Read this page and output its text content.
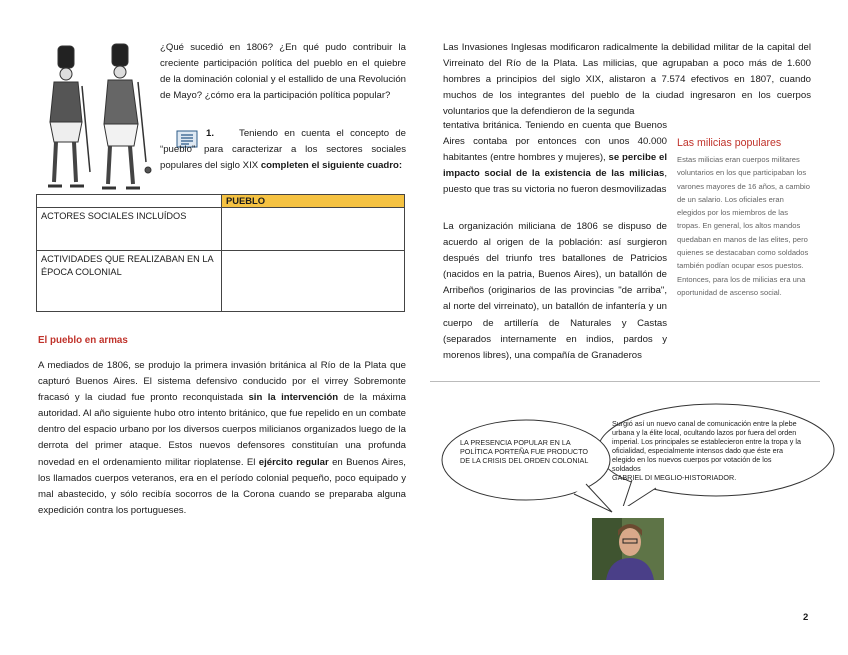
¿Qué sucedió en 1806? ¿En qué pudo contribuir la creciente participación política del pueblo en el quiebre de la dominación colonial y el estallido de una Revolución de Mayo? ¿cómo era la participación política popular?

1.	Teniendo en cuenta el concepto de “pueblo” para caracterizar a los sectores sociales populares del siglo XIX completen el siguiente cuadro:

	PUEBLO
ACTORES SOCIALES INCLUÍDOS	
ACTIVIDADES QUE REALIZABAN EN LA ÉPOCA COLONIAL	
El pueblo en armas

A mediados de 1806, se produjo la primera invasión británica al Río de la Plata que capturó Buenos Aires. El sistema defensivo conducido por el virrey Sobremonte fracasó y la ciudad fue pronto reconquistada sin la intervención de la máxima autoridad. Al año siguiente hubo otro intento británico, que fue repelido en un combate dentro del espacio urbano por los diversos cuerpos milicianos organizados luego de la derrota del primer ataque. Estos nuevos defensores constituían una profunda novedad en el ordenamiento militar rioplatense. El ejército regular en Buenos Aires, los llamados cuerpos veteranos, era en el período colonial pequeño, poco equipado y mal abastecido, y sólo recibía socorros de la Corona cuando se preparaba alguna expedición contra los portugueses.

Las Invasiones Inglesas modificaron radicalmente la debilidad militar de la capital del Virreinato del Río de la Plata. Las milicias, que agrupaban a poco más de 1.600 hombres a principios del siglo XIX, alistaron a 7.574 efectivos en 1807, cuando muchos de los integrantes del pueblo de la ciudad ingresaron en los cuerpos voluntarios que la defendieron de la segunda

tentativa británica. Teniendo en cuenta que Buenos Aires contaba por entonces con unos 40.000 habitantes (entre hombres y mujeres), se percibe el impacto social de la existencia de las milicias, puesto que tras su victoria no fueron desmovilizadas

La organización miliciana de 1806 se dispuso de acuerdo al origen de la población: así surgieron después del triunfo tres batallones de Patricios (nacidos en la patria, Buenos Aires), un batallón de Arribeños (originarios de las provincias "de arriba", al norte del virreinato), un batallón de infantería y un cuerpo de artillería de Naturales y Castas (separados internamente en indios, pardos y morenos libres), una compañía de Granaderos

Las milicias populares

Estas milicias eran cuerpos militares voluntarios en los que participaban los varones mayores de 16 años, a cambio de un salario. Los oficiales eran elegidos por los miembros de las tropas. En general, los altos mandos quedaban en manos de las elites, pero quienes se destacaban como soldados también podían ocupar esos puestos. Entonces, para los de milicias era una oportunidad de ascenso social.

LA PRESENCIA POPULAR EN LA POLÍTICA PORTEÑA FUE PRODUCTO DE LA CRISIS DEL ORDEN COLONIAL
Surgió así un nuevo canal de comunicación entre la plebe urbana y la élite local, ocultando lazos por fuera del orden imperial. Los principales se establecieron entre la tropa y la oficialidad, especialmente intensos dado que éste era elegido en los nuevos cuerpos por votación de los soldados
GABRIEL DI MEGLIO-HISTORIADOR.
2
